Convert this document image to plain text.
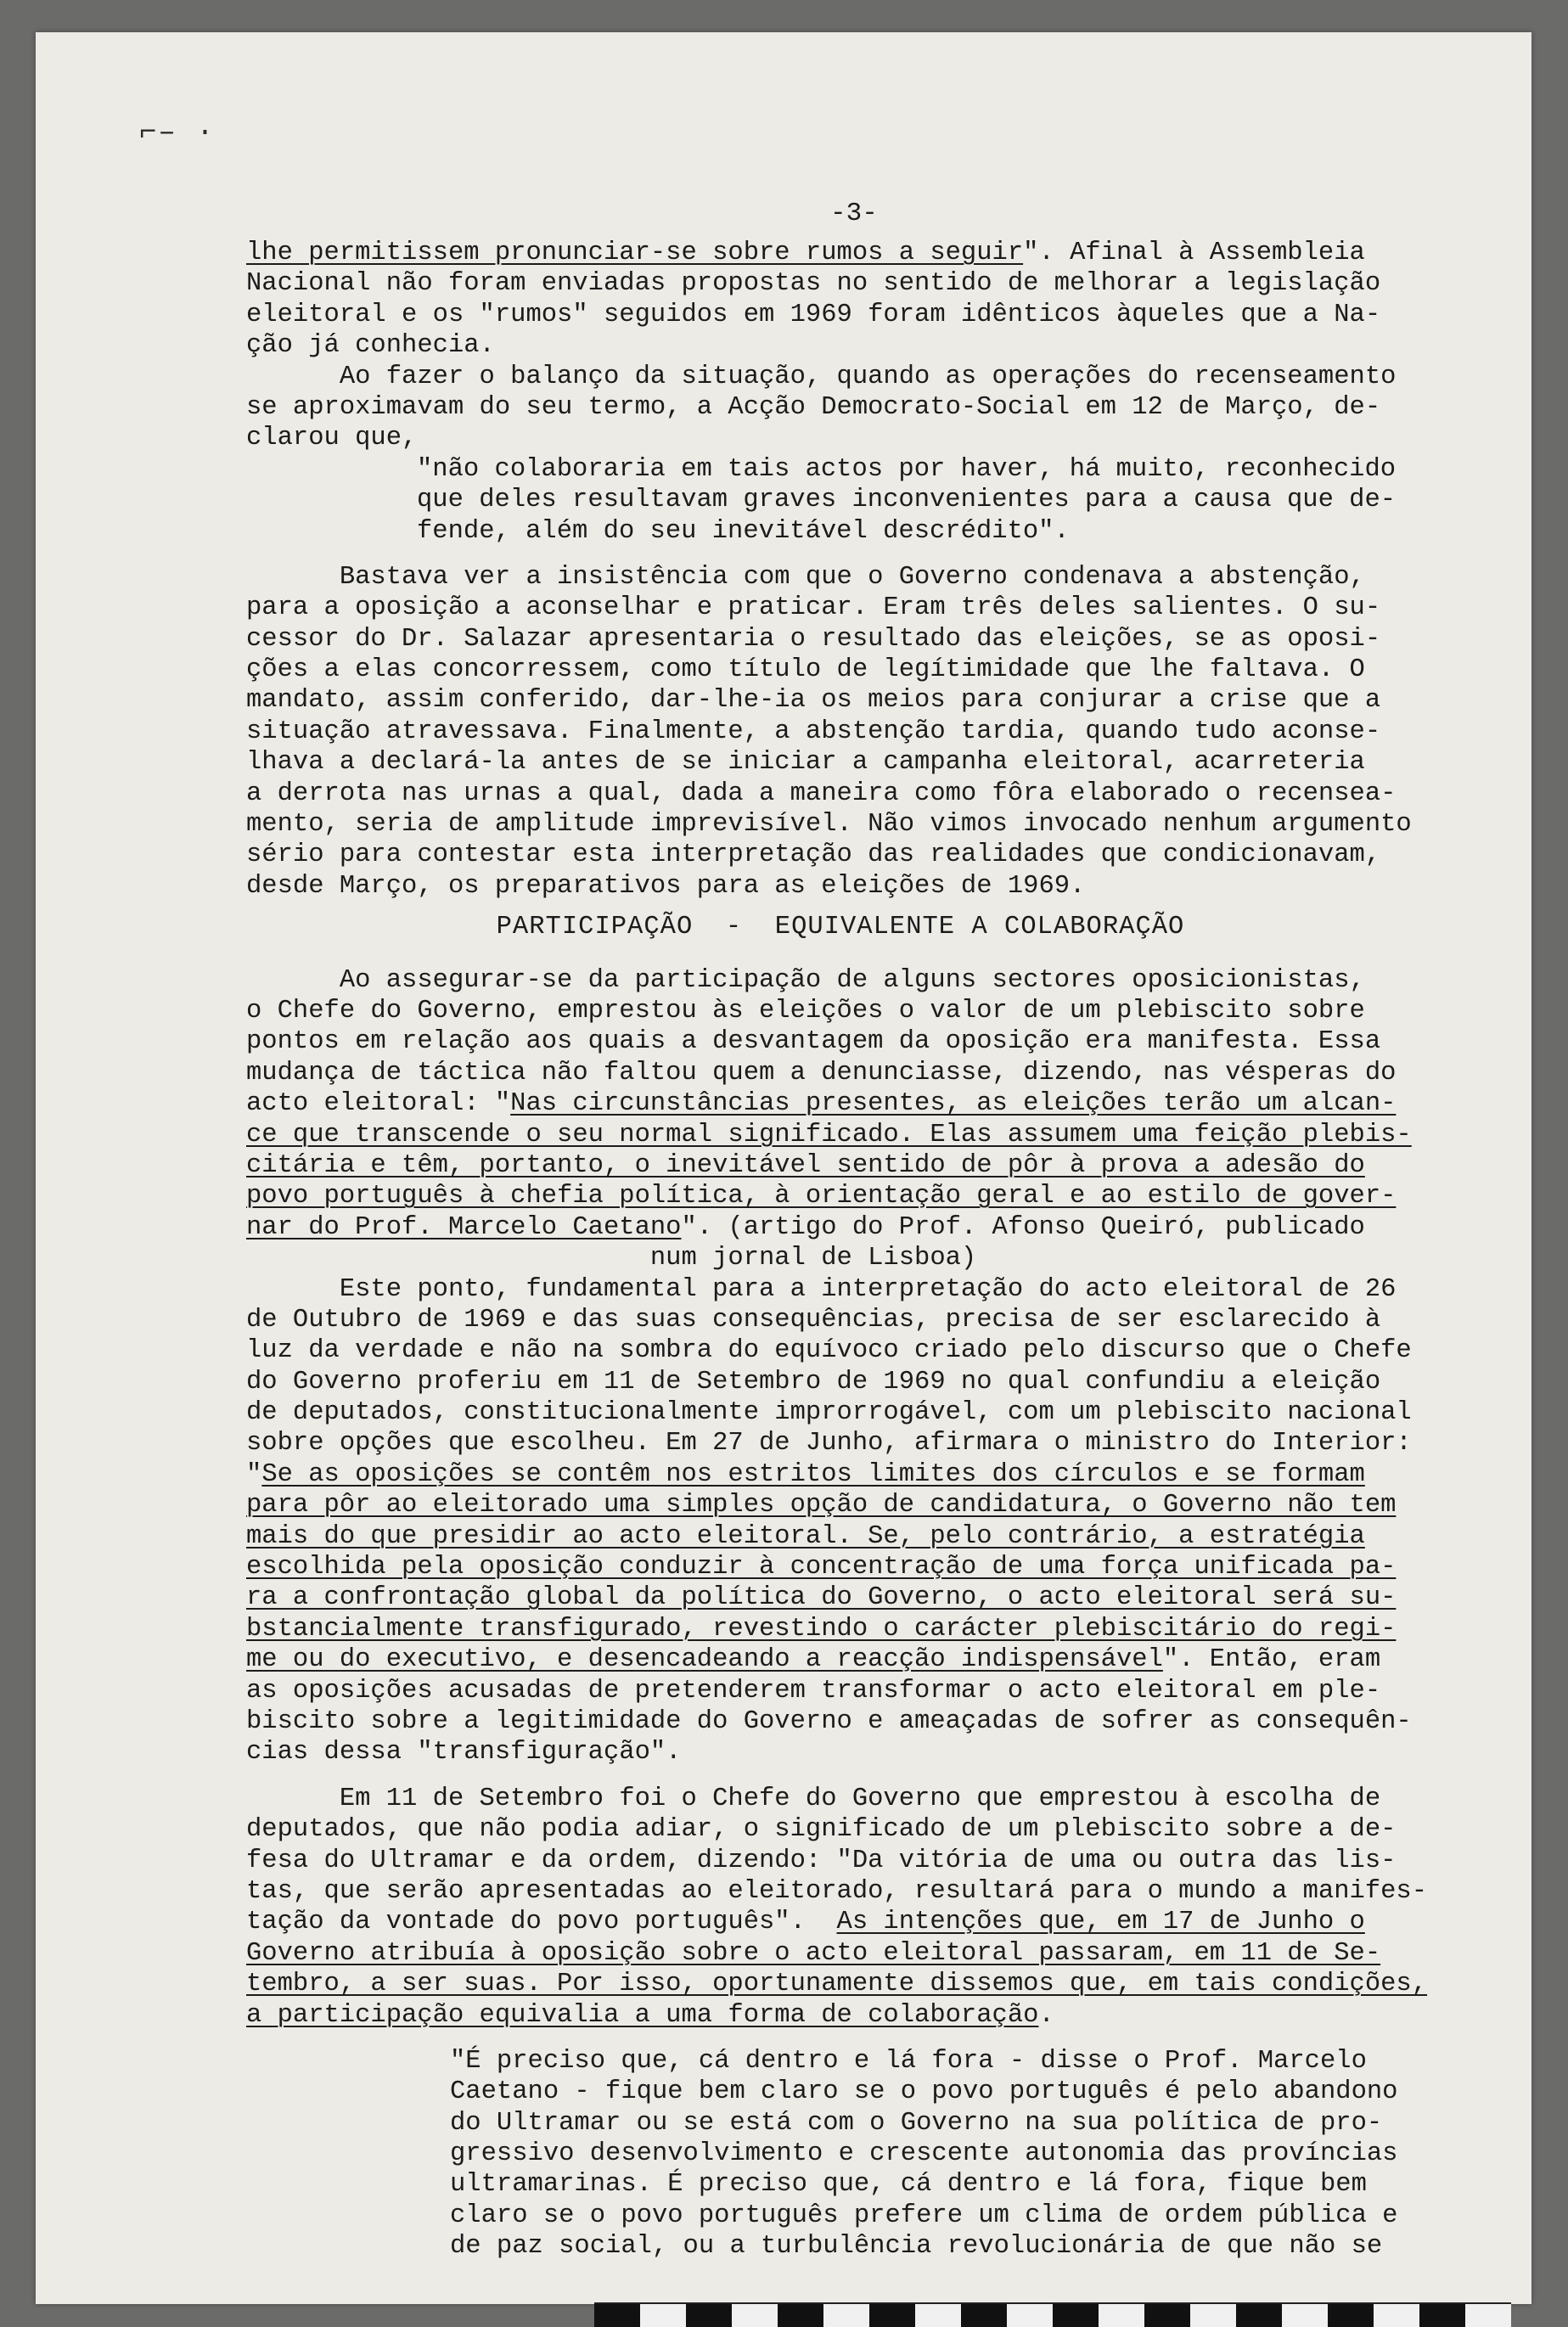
⌐– ·
-3-
lhe permitissem pronunciar-se sobre rumos a seguir". Afinal à Assembleia
Nacional não foram enviadas propostas no sentido de melhorar a legislação
eleitoral e os "rumos" seguidos em 1969 foram idênticos àqueles que a Na-
ção já conhecia.
Ao fazer o balanço da situação, quando as operações do recenseamento
se aproximavam do seu termo, a Acção Democrato-Social em 12 de Março, de-
clarou que,
"não colaboraria em tais actos por haver, há muito, reconhecido
que deles resultavam graves inconvenientes para a causa que de-
fende, além do seu inevitável descrédito".
Bastava ver a insistência com que o Governo condenava a abstenção,
para a oposição a aconselhar e praticar. Eram três deles salientes. O su-
cessor do Dr. Salazar apresentaria o resultado das eleições, se as oposi-
ções a elas concorressem, como título de legítimidade que lhe faltava. O
mandato, assim conferido, dar-lhe-ia os meios para conjurar a crise que a
situação atravessava. Finalmente, a abstenção tardia, quando tudo aconse-
lhava a declará-la antes de se iniciar a campanha eleitoral, acarreteria
a derrota nas urnas a qual, dada a maneira como fôra elaborado o recensea-
mento, seria de amplitude imprevisível. Não vimos invocado nenhum argumento
sério para contestar esta interpretação das realidades que condicionavam,
desde Março, os preparativos para as eleições de 1969.
PARTICIPAÇÃO  -  EQUIVALENTE A COLABORAÇÃO
Ao assegurar-se da participação de alguns sectores oposicionistas,
o Chefe do Governo, emprestou às eleições o valor de um plebiscito sobre
pontos em relação aos quais a desvantagem da oposição era manifesta. Essa
mudança de táctica não faltou quem a denunciasse, dizendo, nas vésperas do
acto eleitoral: "Nas circunstâncias presentes, as eleições terão um alcan-
ce que transcende o seu normal significado. Elas assumem uma feição plebis-
citária e têm, portanto, o inevitável sentido de pôr à prova a adesão do
povo português à chefia política, à orientação geral e ao estilo de gover-
nar do Prof. Marcelo Caetano". (artigo do Prof. Afonso Queiró, publicado
num jornal de Lisboa)
Este ponto, fundamental para a interpretação do acto eleitoral de 26
de Outubro de 1969 e das suas consequências, precisa de ser esclarecido à
luz da verdade e não na sombra do equívoco criado pelo discurso que o Chefe
do Governo proferiu em 11 de Setembro de 1969 no qual confundiu a eleição
de deputados, constitucionalmente improrrogável, com um plebiscito nacional
sobre opções que escolheu. Em 27 de Junho, afirmara o ministro do Interior:
"Se as oposições se contêm nos estritos limites dos círculos e se formam
para pôr ao eleitorado uma simples opção de candidatura, o Governo não tem
mais do que presidir ao acto eleitoral. Se, pelo contrário, a estratégia
escolhida pela oposição conduzir à concentração de uma força unificada pa-
ra a confrontação global da política do Governo, o acto eleitoral será su-
bstancialmente transfigurado, revestindo o carácter plebiscitário do regi-
me ou do executivo, e desencadeando a reacção indispensável". Então, eram
as oposições acusadas de pretenderem transformar o acto eleitoral em ple-
biscito sobre a legitimidade do Governo e ameaçadas de sofrer as consequên-
cias dessa "transfiguração".
Em 11 de Setembro foi o Chefe do Governo que emprestou à escolha de
deputados, que não podia adiar, o significado de um plebiscito sobre a de-
fesa do Ultramar e da ordem, dizendo: "Da vitória de uma ou outra das lis-
tas, que serão apresentadas ao eleitorado, resultará para o mundo a manifes-
tação da vontade do povo português".  As intenções que, em 17 de Junho o
Governo atribuía à oposição sobre o acto eleitoral passaram, em 11 de Se-
tembro, a ser suas. Por isso, oportunamente dissemos que, em tais condições,
a participação equivalia a uma forma de colaboração.
"É preciso que, cá dentro e lá fora - disse o Prof. Marcelo
Caetano - fique bem claro se o povo português é pelo abandono
do Ultramar ou se está com o Governo na sua política de pro-
gressivo desenvolvimento e crescente autonomia das províncias
ultramarinas. É preciso que, cá dentro e lá fora, fique bem
claro se o povo português prefere um clima de ordem pública e
de paz social, ou a turbulência revolucionária de que não se
